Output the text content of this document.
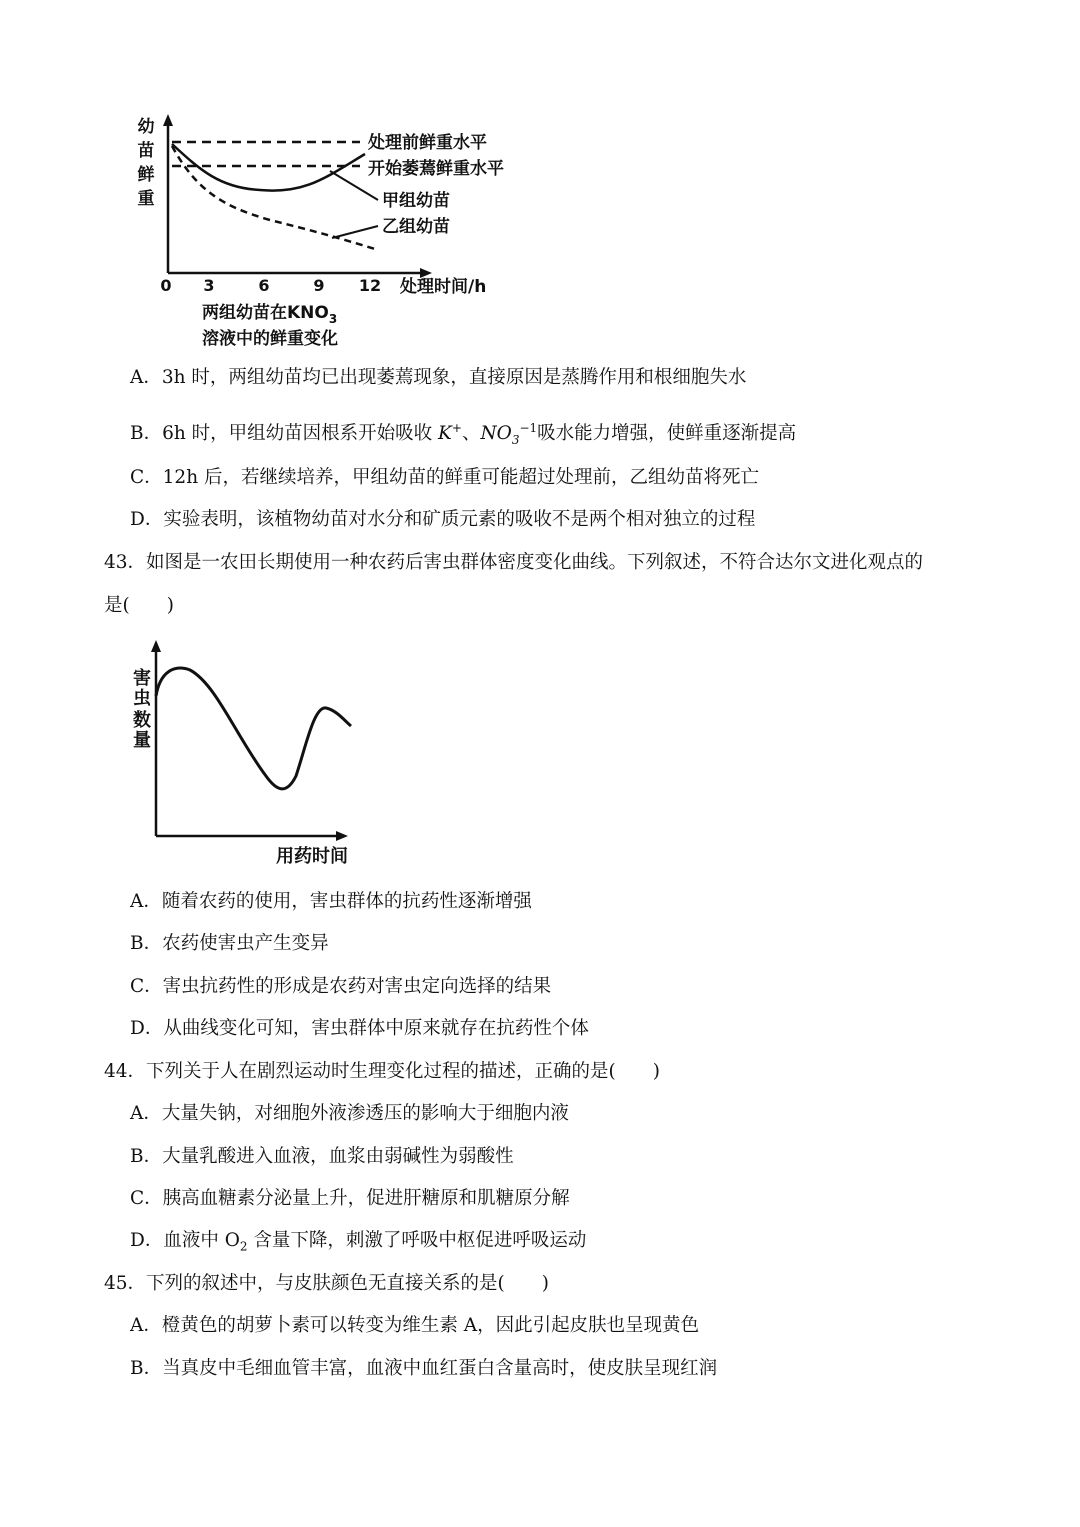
幼
苗
鲜
重
处理前鲜重水平
开始萎蔫鲜重水平
甲组幼苗
乙组幼苗
0 3	6	9 12 处理时间/h
两组幼苗在$KNO_3$
溶液中的鲜重变化
A．3h 时，两组幼苗均已出现萎蔫现象，直接原因是蒸腾作用和根细胞失水
B．6h 时，甲组幼苗因根系开始吸收 K+、$NO_3^{-1}$吸水能力增强，使鲜重逐渐提高
C．12h 后，若继续培养，甲组幼苗的鲜重可能超过处理前，乙组幼苗将死亡
D．实验表明，该植物幼苗对水分和矿质元素的吸收不是两个相对独立的过程
43．如图是一农田长期使用一种农药后害虫群体密度变化曲线。下列叙述，不符合达尔文进化观点的
是(　　)
害
虫
数
量
用药时间
A．随着农药的使用，害虫群体的抗药性逐渐增强
B．农药使害虫产生变异
C．害虫抗药性的形成是农药对害虫定向选择的结果
D．从曲线变化可知，害虫群体中原来就存在抗药性个体
44．下列关于人在剧烈运动时生理变化过程的描述，正确的是(　　)
A．大量失钠，对细胞外液渗透压的影响大于细胞内液
B．大量乳酸进入血液，血浆由弱碱性为弱酸性
C．胰高血糖素分泌量上升，促进肝糖原和肌糖原分解
D．血液中 $O_2$ 含量下降，刺激了呼吸中枢促进呼吸运动
45．下列的叙述中，与皮肤颜色无直接关系的是(　　)
A．橙黄色的胡萝卜素可以转变为维生素 A，因此引起皮肤也呈现黄色
B．当真皮中毛细血管丰富，血液中血红蛋白含量高时，使皮肤呈现红润
